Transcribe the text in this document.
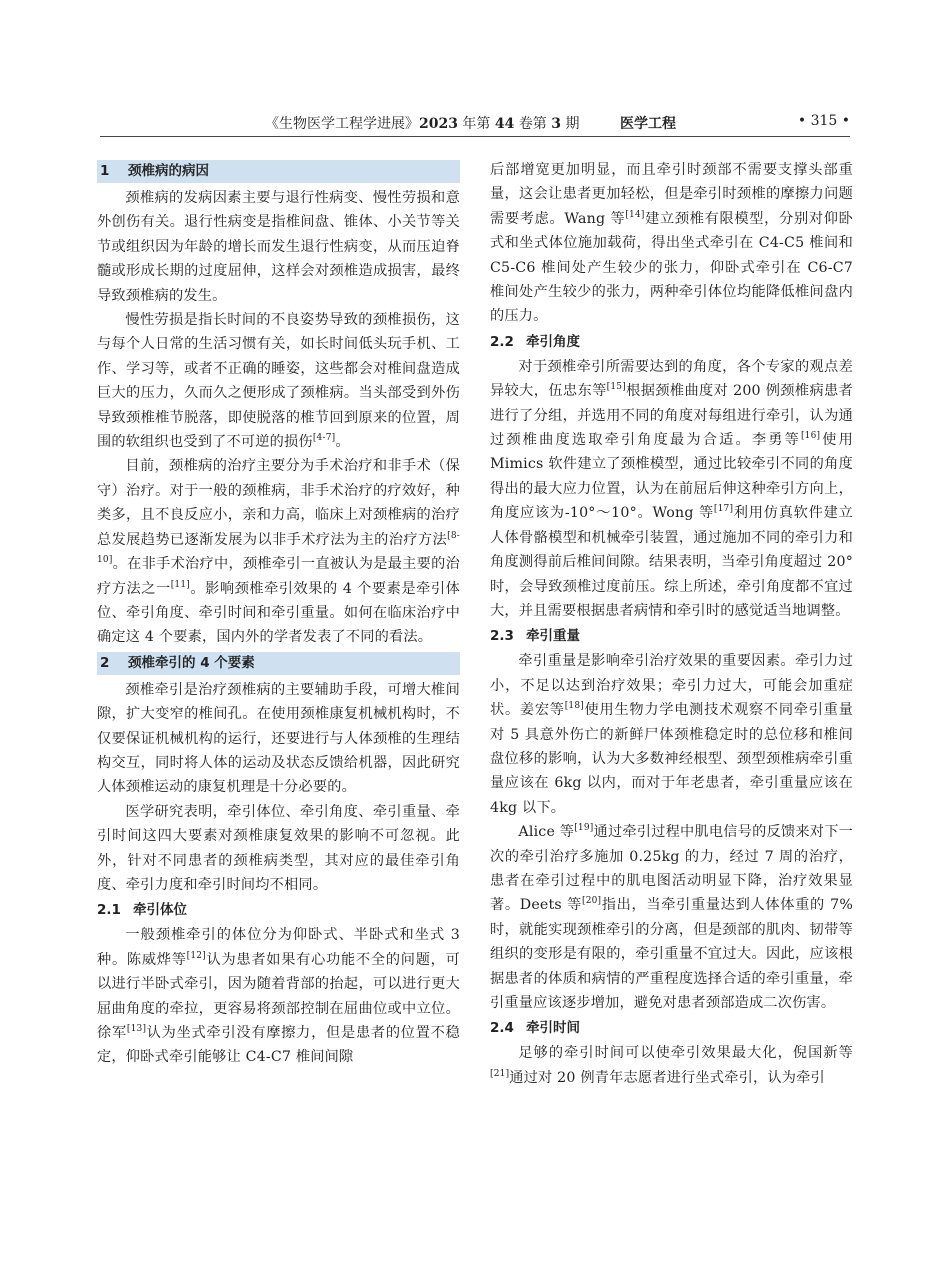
《生物医学工程学进展》2023 年第 44 卷第 3 期	医学工程	• 315 •
1 颈椎病的病因

颈椎病的发病因素主要与退行性病变、慢性劳损和意外创伤有关。退行性病变是指椎间盘、锥体、小关节等关节或组织因为年龄的增长而发生退行性病变，从而压迫脊髓或形成长期的过度屈伸，这样会对颈椎造成损害，最终导致颈椎病的发生。

慢性劳损是指长时间的不良姿势导致的颈椎损伤，这与每个人日常的生活习惯有关，如长时间低头玩手机、工作、学习等，或者不正确的睡姿，这些都会对椎间盘造成巨大的压力，久而久之便形成了颈椎病。当头部受到外伤导致颈椎椎节脱落，即使脱落的椎节回到原来的位置，周围的软组织也受到了不可逆的损伤[4-7]。

目前，颈椎病的治疗主要分为手术治疗和非手术（保守）治疗。对于一般的颈椎病，非手术治疗的疗效好，种类多，且不良反应小，亲和力高，临床上对颈椎病的治疗总发展趋势已逐渐发展为以非手术疗法为主的治疗方法[8-10]。在非手术治疗中，颈椎牵引一直被认为是最主要的治疗方法之一[11]。影响颈椎牵引效果的 4 个要素是牵引体位、牵引角度、牵引时间和牵引重量。如何在临床治疗中确定这 4 个要素，国内外的学者发表了不同的看法。

2 颈椎牵引的 4 个要素

颈椎牵引是治疗颈椎病的主要辅助手段，可增大椎间隙，扩大变窄的椎间孔。在使用颈椎康复机械机构时，不仅要保证机械机构的运行，还要进行与人体颈椎的生理结构交互，同时将人体的运动及状态反馈给机器，因此研究人体颈椎运动的康复机理是十分必要的。

医学研究表明，牵引体位、牵引角度、牵引重量、牵引时间这四大要素对颈椎康复效果的影响不可忽视。此外，针对不同患者的颈椎病类型，其对应的最佳牵引角度、牵引力度和牵引时间均不相同。

2.1 牵引体位

一般颈椎牵引的体位分为仰卧式、半卧式和坐式 3 种。陈威烨等[12]认为患者如果有心功能不全的问题，可以进行半卧式牵引，因为随着背部的抬起，可以进行更大屈曲角度的牵拉，更容易将颈部控制在屈曲位或中立位。徐军[13]认为坐式牵引没有摩擦力，但是患者的位置不稳定，仰卧式牵引能够让 C4-C7 椎间间隙

后部增宽更加明显，而且牵引时颈部不需要支撑头部重量，这会让患者更加轻松，但是牵引时颈椎的摩擦力问题需要考虑。Wang 等[14]建立颈椎有限模型，分别对仰卧式和坐式体位施加载荷，得出坐式牵引在 C4-C5 椎间和 C5-C6 椎间处产生较少的张力，仰卧式牵引在 C6-C7 椎间处产生较少的张力，两种牵引体位均能降低椎间盘内的压力。

2.2 牵引角度

对于颈椎牵引所需要达到的角度，各个专家的观点差异较大，伍忠东等[15]根据颈椎曲度对 200 例颈椎病患者进行了分组，并选用不同的角度对每组进行牵引，认为通过颈椎曲度选取牵引角度最为合适。李勇等[16]使用 Mimics 软件建立了颈椎模型，通过比较牵引不同的角度得出的最大应力位置，认为在前屈后伸这种牵引方向上，角度应该为-10°～10°。Wong 等[17]利用仿真软件建立人体骨骼模型和机械牵引装置，通过施加不同的牵引力和角度测得前后椎间间隙。结果表明，当牵引角度超过 20°时，会导致颈椎过度前压。综上所述，牵引角度都不宜过大，并且需要根据患者病情和牵引时的感觉适当地调整。

2.3 牵引重量

牵引重量是影响牵引治疗效果的重要因素。牵引力过小，不足以达到治疗效果；牵引力过大，可能会加重症状。姜宏等[18]使用生物力学电测技术观察不同牵引重量对 5 具意外伤亡的新鲜尸体颈椎稳定时的总位移和椎间盘位移的影响，认为大多数神经根型、颈型颈椎病牵引重量应该在 6kg 以内，而对于年老患者，牵引重量应该在 4kg 以下。

Alice 等[19]通过牵引过程中肌电信号的反馈来对下一次的牵引治疗多施加 0.25kg 的力，经过 7 周的治疗，患者在牵引过程中的肌电图活动明显下降，治疗效果显著。Deets 等[20]指出，当牵引重量达到人体体重的 7%时，就能实现颈椎牵引的分离，但是颈部的肌肉、韧带等组织的变形是有限的，牵引重量不宜过大。因此，应该根据患者的体质和病情的严重程度选择合适的牵引重量，牵引重量应该逐步增加，避免对患者颈部造成二次伤害。

2.4 牵引时间

足够的牵引时间可以使牵引效果最大化，倪国新等[21]通过对 20 例青年志愿者进行坐式牵引，认为牵引
